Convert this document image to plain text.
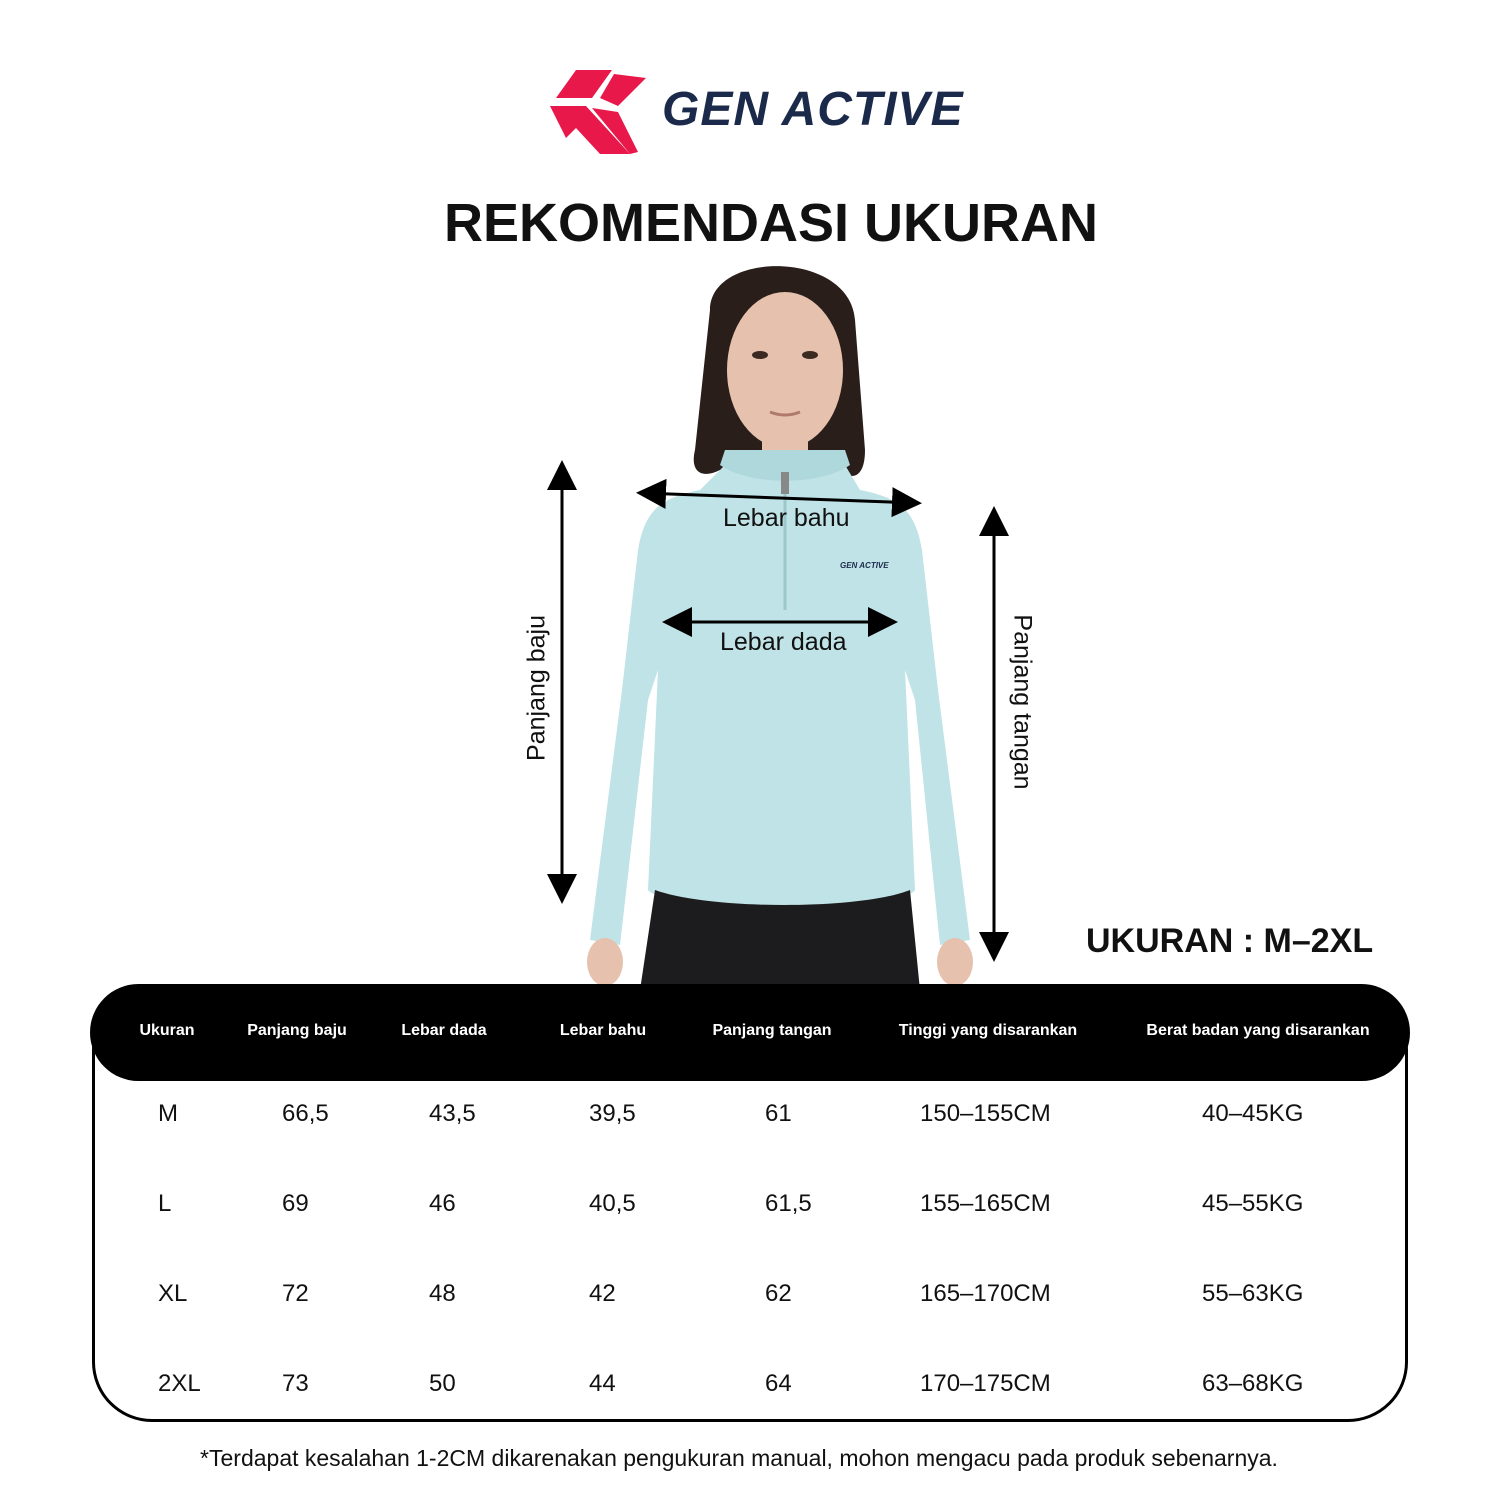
GEN ACTIVE
REKOMENDASI UKURAN
GEN ACTIVE
Lebar bahu
Lebar dada
Panjang baju	Panjang tangan
UKURAN : M–2XL
Ukuran	Panjang baju	Lebar dada	Lebar bahu	Panjang tangan	Tinggi yang disarankan	Berat badan yang disarankan
M	66,5	43,5	39,5	61	150–155CM	40–45KG
L	69	46	40,5	61,5	155–165CM	45–55KG
XL	72	48	42	62	165–170CM	55–63KG
2XL	73	50	44	64	170–175CM	63–68KG
*Terdapat kesalahan 1-2CM dikarenakan pengukuran manual, mohon mengacu pada produk sebenarnya.
